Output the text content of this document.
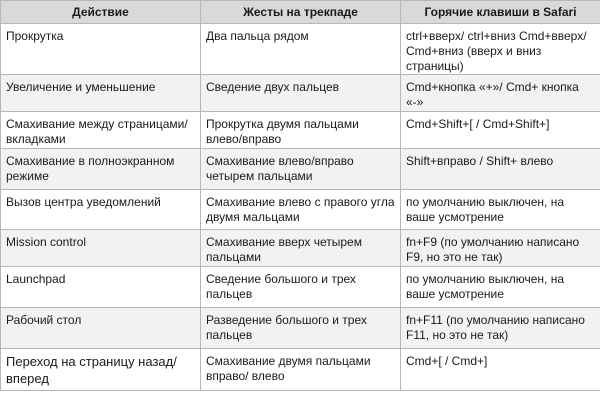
Действие	Жесты на трекпаде	Горячие клавиши в Safari
Прокрутка	Два пальца рядом	ctrl+вверх/ ctrl+вниз Cmd+вверх/ Cmd+вниз (вверх и вниз страницы)
Увеличение и уменьшение	Сведение двух пальцев	Cmd+кнопка «+»/ Cmd+ кнопка «-»
Смахивание между страницами/ вкладками	Прокрутка двумя пальцами влево/вправо	Cmd+Shift+[ / Cmd+Shift+]
Смахивание в полноэкранном режиме	Смахивание влево/вправо четырем пальцами	Shift+вправо / Shift+ влево
Вызов центра уведомлений	Смахивание влево с правого угла двумя мальцами	по умолчанию выключен, на ваше усмотрение
Mission control	Смахивание вверх четырем пальцами	fn+F9 (по умолчанию написано F9, но это не так)
Launchpad	Сведение большого и трех пальцев	по умолчанию выключен, на ваше усмотрение
Рабочий стол	Разведение большого и трех пальцев	fn+F11 (по умолчанию написано F11, но это не так)
Переход на страницу назад/ вперед	Смахивание двумя пальцами вправо/ влево	Cmd+[ / Cmd+]
